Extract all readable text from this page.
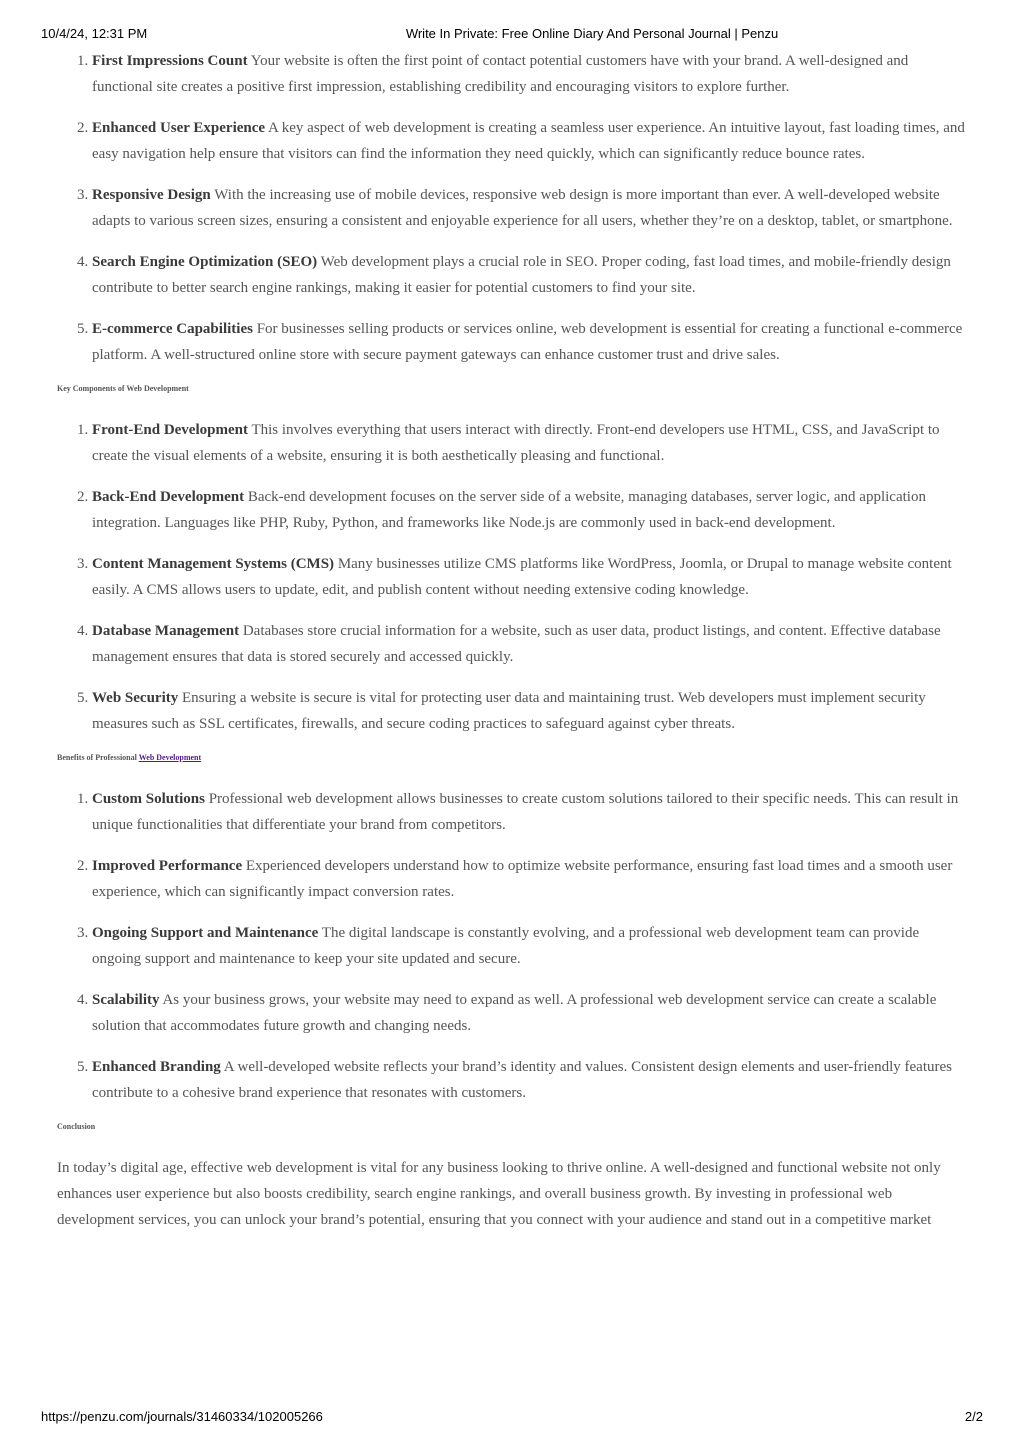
10/4/24, 12:31 PM	Write In Private: Free Online Diary And Personal Journal | Penzu
1. First Impressions Count Your website is often the first point of contact potential customers have with your brand. A well-designed and functional site creates a positive first impression, establishing credibility and encouraging visitors to explore further.
2. Enhanced User Experience A key aspect of web development is creating a seamless user experience. An intuitive layout, fast loading times, and easy navigation help ensure that visitors can find the information they need quickly, which can significantly reduce bounce rates.
3. Responsive Design With the increasing use of mobile devices, responsive web design is more important than ever. A well-developed website adapts to various screen sizes, ensuring a consistent and enjoyable experience for all users, whether they’re on a desktop, tablet, or smartphone.
4. Search Engine Optimization (SEO) Web development plays a crucial role in SEO. Proper coding, fast load times, and mobile-friendly design contribute to better search engine rankings, making it easier for potential customers to find your site.
5. E-commerce Capabilities For businesses selling products or services online, web development is essential for creating a functional e-commerce platform. A well-structured online store with secure payment gateways can enhance customer trust and drive sales.
Key Components of Web Development
1. Front-End Development This involves everything that users interact with directly. Front-end developers use HTML, CSS, and JavaScript to create the visual elements of a website, ensuring it is both aesthetically pleasing and functional.
2. Back-End Development Back-end development focuses on the server side of a website, managing databases, server logic, and application integration. Languages like PHP, Ruby, Python, and frameworks like Node.js are commonly used in back-end development.
3. Content Management Systems (CMS) Many businesses utilize CMS platforms like WordPress, Joomla, or Drupal to manage website content easily. A CMS allows users to update, edit, and publish content without needing extensive coding knowledge.
4. Database Management Databases store crucial information for a website, such as user data, product listings, and content. Effective database management ensures that data is stored securely and accessed quickly.
5. Web Security Ensuring a website is secure is vital for protecting user data and maintaining trust. Web developers must implement security measures such as SSL certificates, firewalls, and secure coding practices to safeguard against cyber threats.
Benefits of Professional Web Development
1. Custom Solutions Professional web development allows businesses to create custom solutions tailored to their specific needs. This can result in unique functionalities that differentiate your brand from competitors.
2. Improved Performance Experienced developers understand how to optimize website performance, ensuring fast load times and a smooth user experience, which can significantly impact conversion rates.
3. Ongoing Support and Maintenance The digital landscape is constantly evolving, and a professional web development team can provide ongoing support and maintenance to keep your site updated and secure.
4. Scalability As your business grows, your website may need to expand as well. A professional web development service can create a scalable solution that accommodates future growth and changing needs.
5. Enhanced Branding A well-developed website reflects your brand’s identity and values. Consistent design elements and user-friendly features contribute to a cohesive brand experience that resonates with customers.
Conclusion

In today’s digital age, effective web development is vital for any business looking to thrive online. A well-designed and functional website not only enhances user experience but also boosts credibility, search engine rankings, and overall business growth. By investing in professional web development services, you can unlock your brand’s potential, ensuring that you connect with your audience and stand out in a competitive market

https://penzu.com/journals/31460334/102005266	2/2
